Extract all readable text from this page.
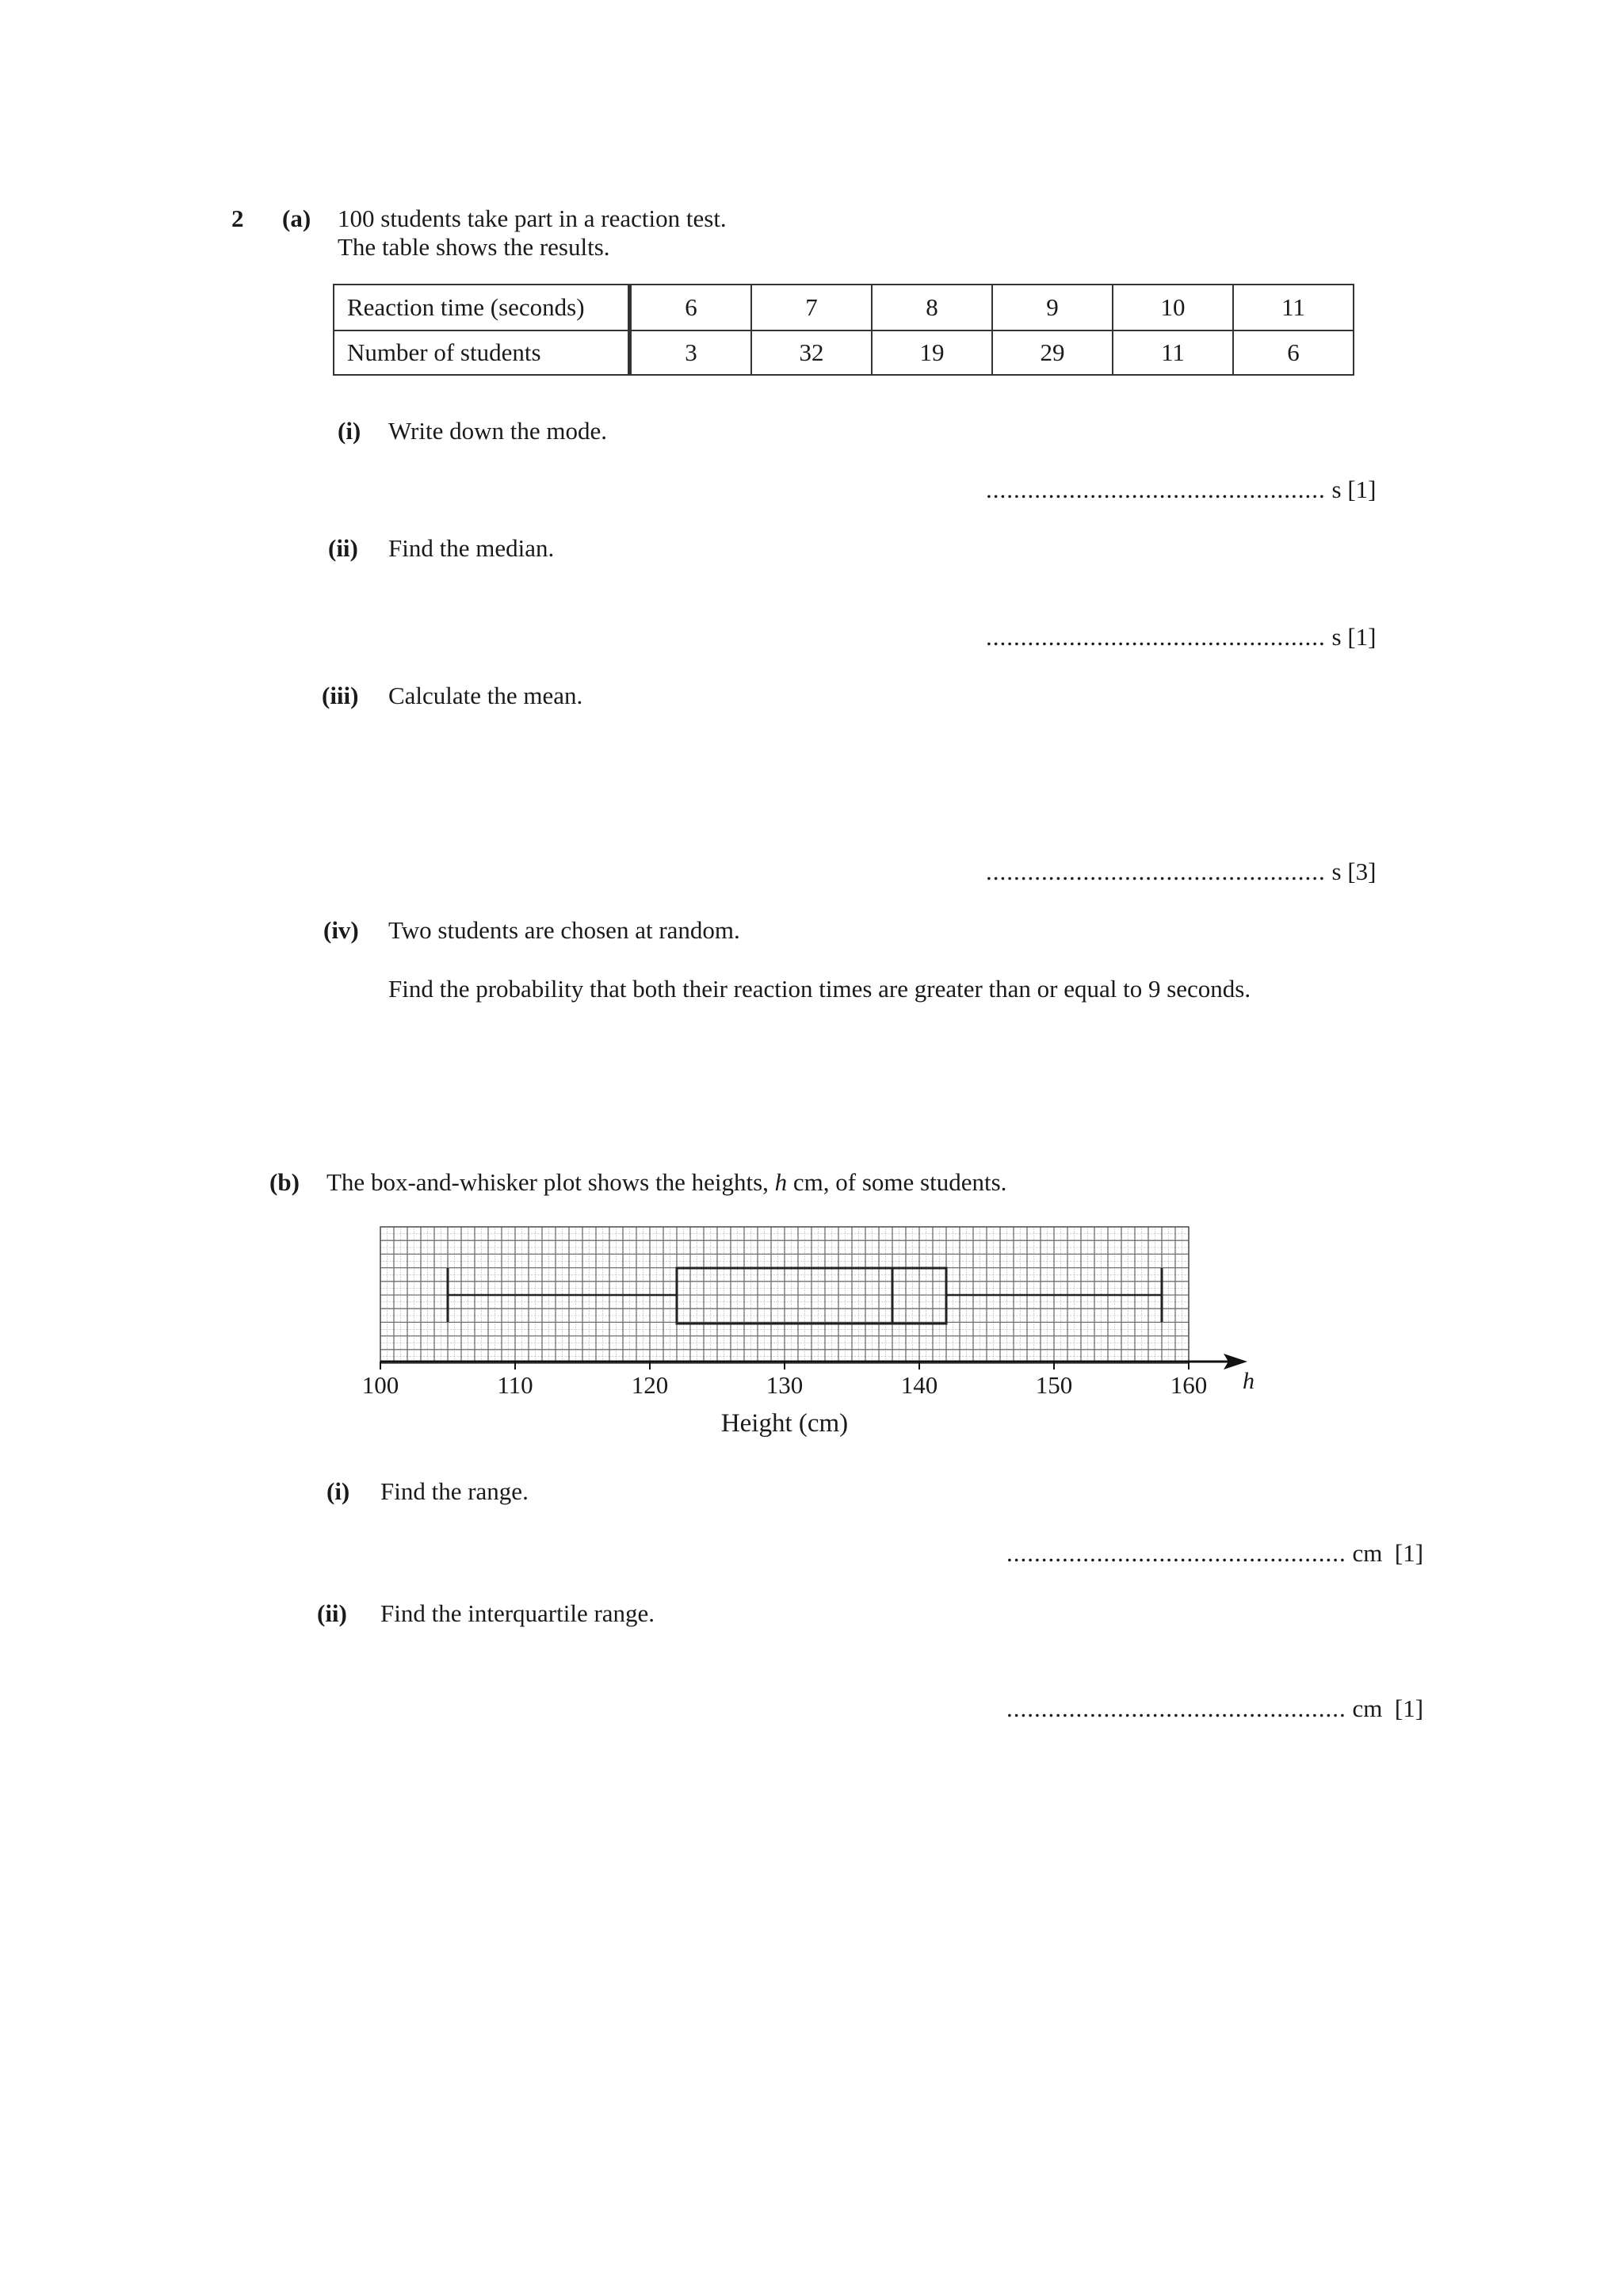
2 (a) 100 students take part in a reaction test.
The table shows the results.
Reaction time (seconds)	6	7	8	9	10	11
Number of students	3	32	19	29	11	6
(i) Write down the mode.
................................................. s [1]
(ii) Find the median.
................................................. s [1]
(iii) Calculate the mean.
................................................. s [3]
(iv) Two students are chosen at random.
Find the probability that both their reaction times are greater than or equal to 9 seconds.
(b) The box-and-whisker plot shows the heights, h cm, of some students.
100	110	120	130	140	150	160
Height (cm)
h
(i) Find the range.
................................................. cm [1]
(ii) Find the interquartile range.
................................................. cm [1]
